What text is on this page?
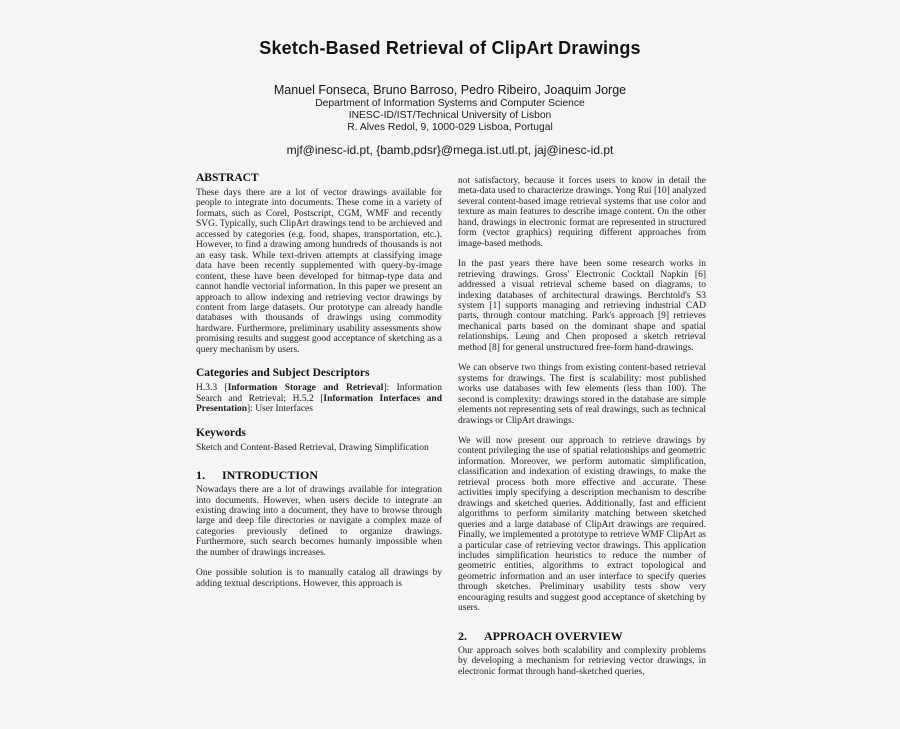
Sketch-Based Retrieval of ClipArt Drawings
Manuel Fonseca, Bruno Barroso, Pedro Ribeiro, Joaquim Jorge
Department of Information Systems and Computer Science
INESC-ID/IST/Technical University of Lisbon
R. Alves Redol, 9, 1000-029 Lisboa, Portugal
mjf@inesc-id.pt, {bamb,pdsr}@mega.ist.utl.pt, jaj@inesc-id.pt
ABSTRACT

These days there are a lot of vector drawings available for people to integrate into documents. These come in a variety of formats, such as Corel, Postscript, CGM, WMF and recently SVG. Typically, such ClipArt drawings tend to be archieved and accessed by categories (e.g. food, shapes, transportation, etc.). However, to find a drawing among hundreds of thousands is not an easy task. While text-driven attempts at classifying image data have been recently supplemented with query-by-image content, these have been developed for bitmap-type data and cannot handle vectorial information. In this paper we present an approach to allow indexing and retrieving vector drawings by content from large datasets. Our prototype can already handle databases with thousands of drawings using commodity hardware. Furthermore, preliminary usability assessments show promising results and suggest good acceptance of sketching as a query mechanism by users.

Categories and Subject Descriptors

H.3.3 [Information Storage and Retrieval]: Information Search and Retrieval; H.5.2 [Information Interfaces and Presentation]: User Interfaces

Keywords

Sketch and Content-Based Retrieval, Drawing Simplification

1.	INTRODUCTION

Nowadays there are a lot of drawings available for integration into documents. However, when users decide to integrate an existing drawing into a document, they have to browse through large and deep file directories or navigate a complex maze of categories previously defined to organize drawings. Furthermore, such search becomes humanly impossible when the number of drawings increases.

One possible solution is to manually catalog all drawings by adding textual descriptions. However, this approach is

not satisfactory, because it forces users to know in detail the meta-data used to characterize drawings. Yong Rui [10] analyzed several content-based image retrieval systems that use color and texture as main features to describe image content. On the other hand, drawings in electronic format are represented in structured form (vector graphics) requiring different approaches from image-based methods.

In the past years there have been some research works in retrieving drawings. Gross' Electronic Cocktail Napkin [6] addressed a visual retrieval scheme based on diagrams, to indexing databases of architectural drawings. Berchtold's S3 system [1] supports managing and retrieving industrial CAD parts, through contour matching. Park's approach [9] retrieves mechanical parts based on the dominant shape and spatial relationships. Leung and Chen proposed a sketch retrieval method [8] for general unstructured free-form hand-drawings.

We can observe two things from existing content-based retrieval systems for drawings. The first is scalability: most published works use databases with few elements (less than 100). The second is complexity: drawings stored in the database are simple elements not representing sets of real drawings, such as technical drawings or ClipArt drawings.

We will now present our approach to retrieve drawings by content privileging the use of spatial relationships and geometric information. Moreover, we perform automatic simplification, classification and indexation of existing drawings, to make the retrieval process both more effective and accurate. These activities imply specifying a description mechanism to describe drawings and sketched queries. Additionally, fast and efficient algorithms to perform similarity matching between sketched queries and a large database of ClipArt drawings are required. Finally, we implemented a prototype to retrieve WMF ClipArt as a particular case of retrieving vector drawings. This application includes simplification heuristics to reduce the number of geometric entities, algorithms to extract topological and geometric information and an user interface to specify queries through sketches. Preliminary usability tests show very encouraging results and suggest good acceptance of sketching by users.

2.	APPROACH OVERVIEW

Our approach solves both scalability and complexity problems by developing a mechanism for retrieving vector drawings, in electronic format through hand-sketched queries,
